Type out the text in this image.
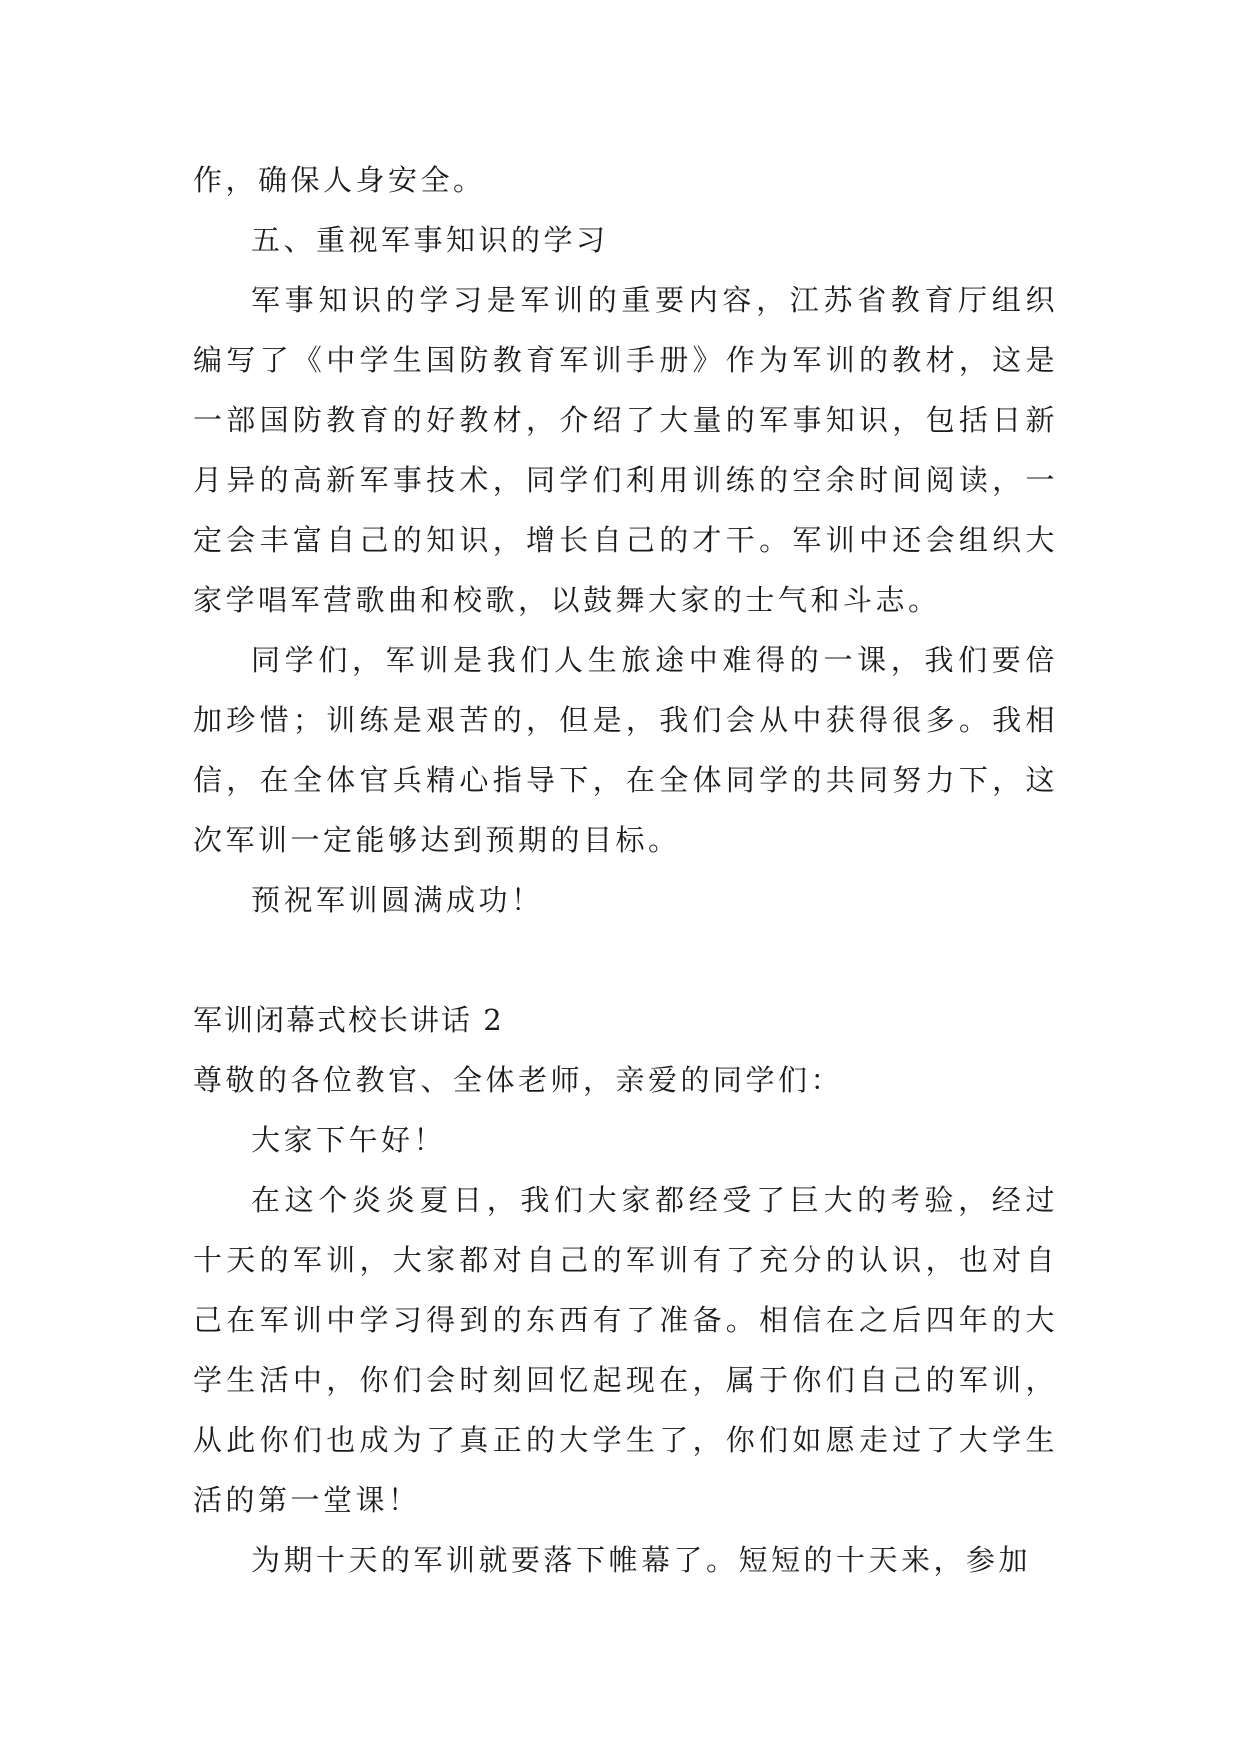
作，确保人身安全。

五、重视军事知识的学习

军事知识的学习是军训的重要内容，江苏省教育厅组织编写了《中学生国防教育军训手册》作为军训的教材，这是一部国防教育的好教材，介绍了大量的军事知识，包括日新月异的高新军事技术，同学们利用训练的空余时间阅读，一定会丰富自己的知识，增长自己的才干。军训中还会组织大家学唱军营歌曲和校歌，以鼓舞大家的士气和斗志。

同学们，军训是我们人生旅途中难得的一课，我们要倍加珍惜；训练是艰苦的，但是，我们会从中获得很多。我相信，在全体官兵精心指导下，在全体同学的共同努力下，这次军训一定能够达到预期的目标。

预祝军训圆满成功！

军训闭幕式校长讲话 2

尊敬的各位教官、全体老师，亲爱的同学们：

大家下午好！

在这个炎炎夏日，我们大家都经受了巨大的考验，经过十天的军训，大家都对自己的军训有了充分的认识，也对自己在军训中学习得到的东西有了准备。相信在之后四年的大学生活中，你们会时刻回忆起现在，属于你们自己的军训，从此你们也成为了真正的大学生了，你们如愿走过了大学生活的第一堂课！

为期十天的军训就要落下帷幕了。短短的十天来，参加
